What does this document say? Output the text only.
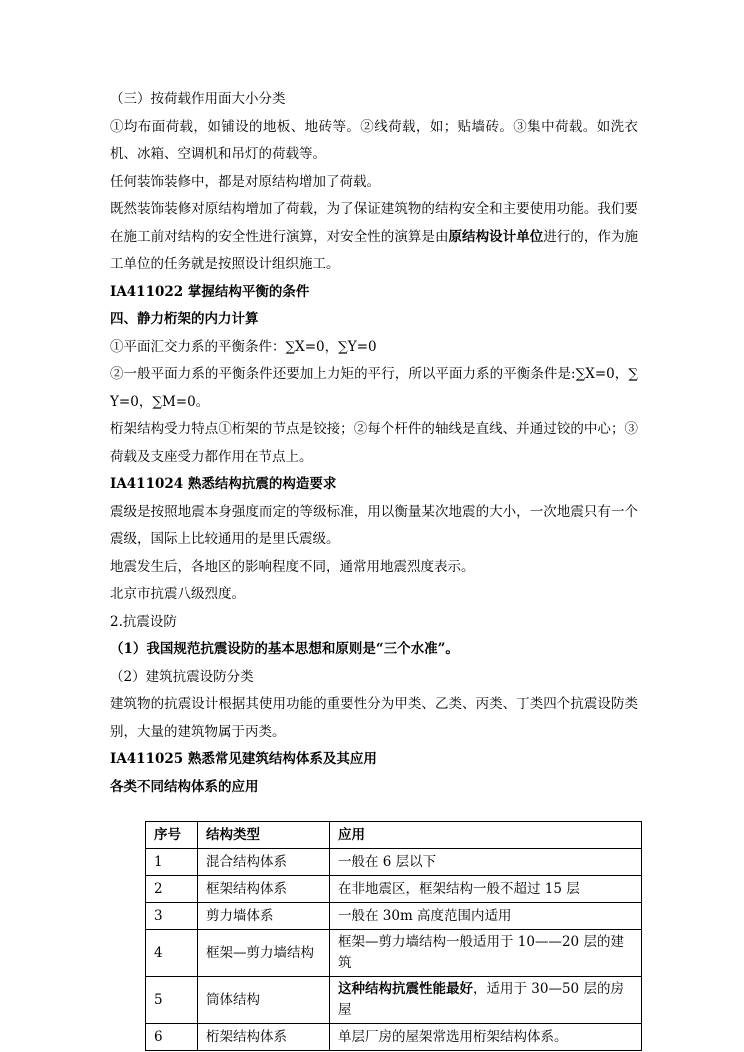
（三）按荷载作用面大小分类

①均布面荷载，如铺设的地板、地砖等。②线荷载，如；贴墙砖。③集中荷载。如洗衣机、冰箱、空调机和吊灯的荷载等。

任何装饰装修中，都是对原结构增加了荷载。

既然装饰装修对原结构增加了荷载，为了保证建筑物的结构安全和主要使用功能。我们要在施工前对结构的安全性进行演算，对安全性的演算是由原结构设计单位进行的，作为施工单位的任务就是按照设计组织施工。

IA411022 掌握结构平衡的条件

四、静力桁架的内力计算

①平面汇交力系的平衡条件：∑X=0，∑Y=0

②一般平面力系的平衡条件还要加上力矩的平行，所以平面力系的平衡条件是:∑X=0，∑Y=0，∑M=0。

桁架结构受力特点①桁架的节点是铰接；②每个杆件的轴线是直线、并通过铰的中心；③荷载及支座受力都作用在节点上。

IA411024 熟悉结构抗震的构造要求

震级是按照地震本身强度而定的等级标准，用以衡量某次地震的大小，一次地震只有一个震级，国际上比较通用的是里氏震级。

地震发生后，各地区的影响程度不同，通常用地震烈度表示。

北京市抗震八级烈度。

2.抗震设防

（1）我国规范抗震设防的基本思想和原则是“三个水准”。

（2）建筑抗震设防分类

建筑物的抗震设计根据其使用功能的重要性分为甲类、乙类、丙类、丁类四个抗震设防类别，大量的建筑物属于丙类。

IA411025 熟悉常见建筑结构体系及其应用

各类不同结构体系的应用

序号	结构类型	应用
1	混合结构体系	一般在 6 层以下
2	框架结构体系	在非地震区，框架结构一般不超过 15 层
3	剪力墙体系	一般在 30m 高度范围内适用
4	框架—剪力墙结构	框架—剪力墙结构一般适用于 10——20 层的建筑
5	筒体结构	这种结构抗震性能最好，适用于 30—50 层的房屋
6	桁架结构体系	单层厂房的屋架常选用桁架结构体系。
